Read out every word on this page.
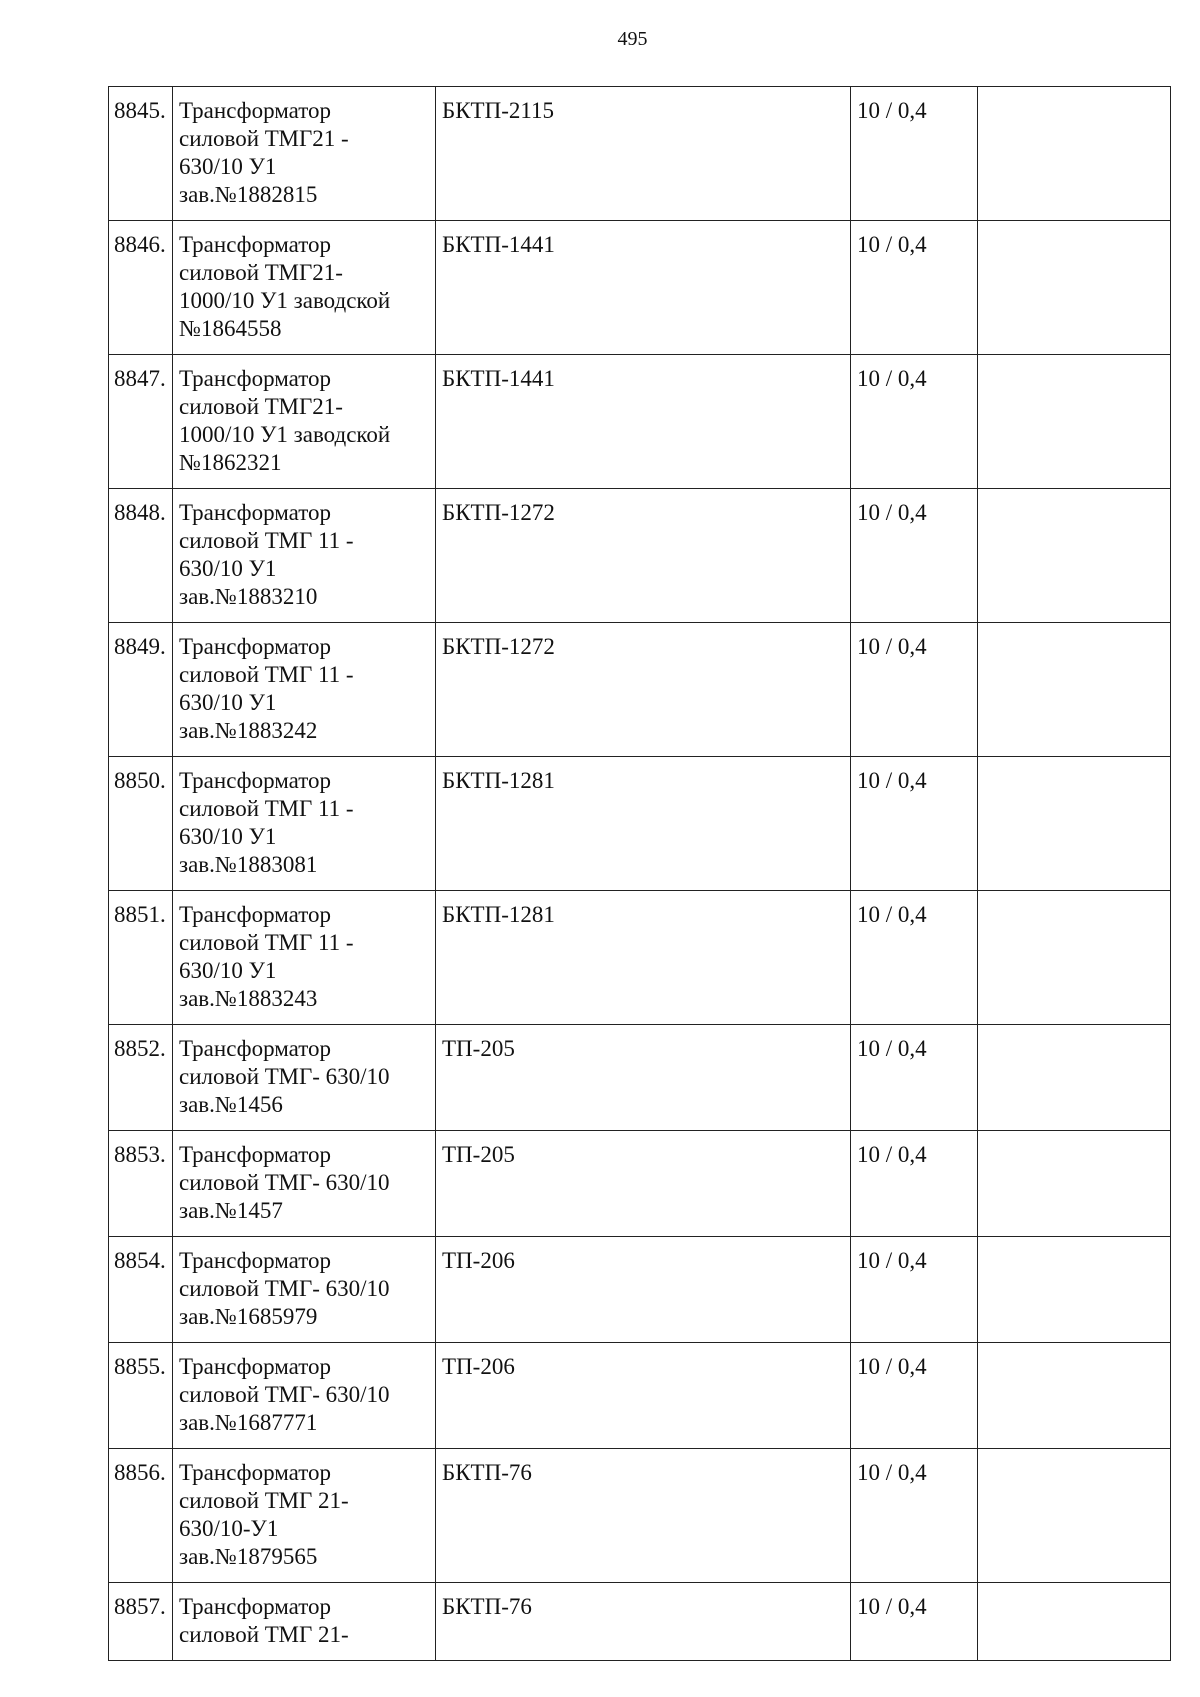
495
8845.	Трансформатор
силовой ТМГ21 -
630/10 У1
зав.№1882815	БКТП-2115	10 / 0,4	
8846.	Трансформатор
силовой ТМГ21-
1000/10 У1 заводской
№1864558	БКТП-1441	10 / 0,4	
8847.	Трансформатор
силовой ТМГ21-
1000/10 У1 заводской
№1862321	БКТП-1441	10 / 0,4	
8848.	Трансформатор
силовой ТМГ 11 -
630/10 У1
зав.№1883210	БКТП-1272	10 / 0,4	
8849.	Трансформатор
силовой ТМГ 11 -
630/10 У1
зав.№1883242	БКТП-1272	10 / 0,4	
8850.	Трансформатор
силовой ТМГ 11 -
630/10 У1
зав.№1883081	БКТП-1281	10 / 0,4	
8851.	Трансформатор
силовой ТМГ 11 -
630/10 У1
зав.№1883243	БКТП-1281	10 / 0,4	
8852.	Трансформатор
силовой ТМГ- 630/10
зав.№1456	ТП-205	10 / 0,4	
8853.	Трансформатор
силовой ТМГ- 630/10
зав.№1457	ТП-205	10 / 0,4	
8854.	Трансформатор
силовой ТМГ- 630/10
зав.№1685979	ТП-206	10 / 0,4	
8855.	Трансформатор
силовой ТМГ- 630/10
зав.№1687771	ТП-206	10 / 0,4	
8856.	Трансформатор
силовой ТМГ 21-
630/10-У1
зав.№1879565	БКТП-76	10 / 0,4	
8857.	Трансформатор
силовой ТМГ 21-	БКТП-76	10 / 0,4	
